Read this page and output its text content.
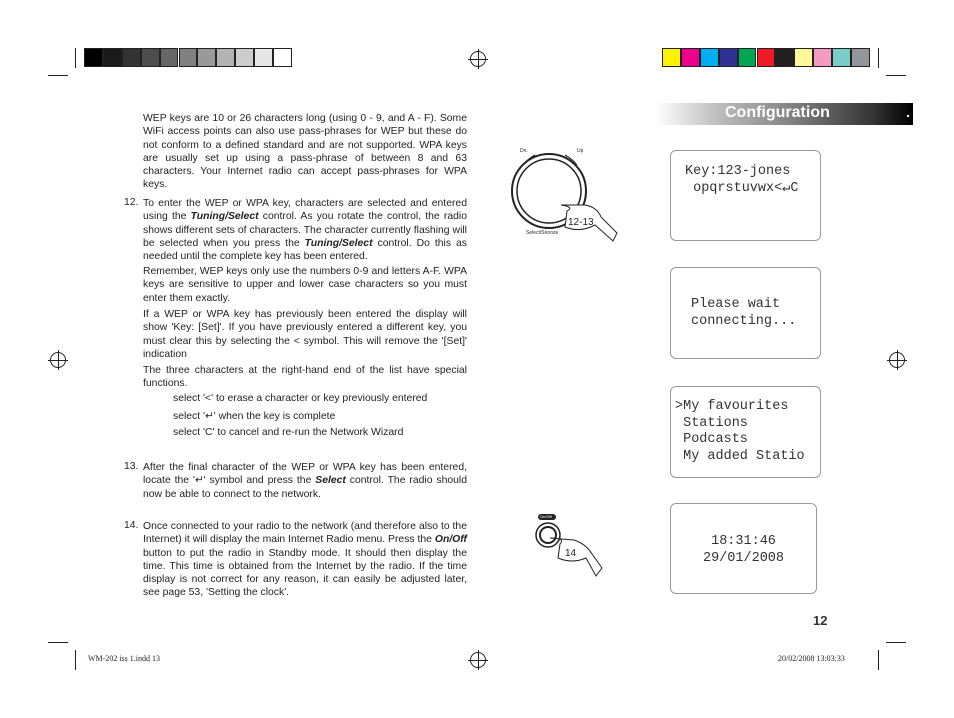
Configuration	.
WEP keys are 10 or 26 characters long (using 0 - 9, and A - F). Some WiFi access points can also use pass-phrases for WEP but these do not conform to a defined standard and are not supported. WPA keys are usually set up using a pass-phrase of between 8 and 63 characters. Your Internet radio can accept pass-phrases for WPA keys.
12. To enter the WEP or WPA key, characters are selected and entered using the Tuning/Select control. As you rotate the control, the radio shows different sets of characters. The character currently flashing will be selected when you press the Tuning/Select control. Do this as needed until the complete key has been entered.
Remember, WEP keys only use the numbers 0-9 and letters A-F. WPA keys are sensitive to upper and lower case characters so you must enter them exactly.
If a WEP or WPA key has previously been entered the display will show 'Key: [Set]'. If you have previously entered a different key, you must clear this by selecting the < symbol. This will remove the '[Set]' indication
The three characters at the right-hand end of the list have special functions.
select '<' to erase a character or key previously entered
select '↵' when the key is complete
select 'C' to cancel and re-run the Network Wizard
13. After the final character of the WEP or WPA key has been entered, locate the '↵' symbol and press the Select control. The radio should now be able to connect to the network.
14. Once connected to your radio to the network (and therefore also to the Internet) it will display the main Internet Radio menu. Press the On/Off button to put the radio in Standby mode. It should then display the time. This time is obtained from the Internet by the radio. If the time display is not correct for any reason, it can easily be adjusted later, see page 53, 'Setting the clock'.
Dn.	Up
Select/Snooze
12-13
On/Off
14
Key:123-jones
opqrstuvwx<↵C
Please wait
connecting...
>My favourites
Stations
Podcasts
My added Statio
18:31:46
29/01/2008
12
WM-202 iss 1.indd 13	20/02/2008 13:03:33
